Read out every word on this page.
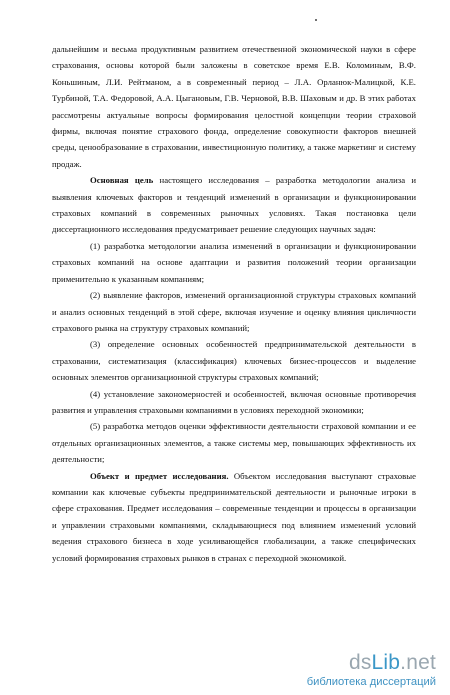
дальнейшим и весьма продуктивным развитием отечественной экономической науки в сфере страхования, основы которой были заложены в советское время Е.В. Коломиным, В.Ф. Коньшиным, Л.И. Рейтманом, а в современный период – Л.А. Орланюк-Малицкой, К.Е. Турбиной, Т.А. Федоровой, А.А. Цыгановым, Г.В. Черновой, В.В. Шаховым и др. В этих работах рассмотрены актуальные вопросы формирования целостной концепции теории страховой фирмы, включая понятие страхового фонда, определение совокупности факторов внешней среды, ценообразование в страховании, инвестиционную политику, а также маркетинг и систему продаж.

Основная цель настоящего исследования – разработка методологии анализа и выявления ключевых факторов и тенденций изменений в организации и функционировании страховых компаний в современных рыночных условиях. Такая постановка цели диссертационного исследования предусматривает решение следующих научных задач:

(1) разработка методологии анализа изменений в организации и функционировании страховых компаний на основе адаптации и развития положений теории организации применительно к указанным компаниям;

(2) выявление факторов, изменений организационной структуры страховых компаний и анализ основных тенденций в этой сфере, включая изучение и оценку влияния цикличности страхового рынка на структуру страховых компаний;

(3) определение основных особенностей предпринимательской деятельности в страховании, систематизация (классификация) ключевых бизнес-процессов и выделение основных элементов организационной структуры страховых компаний;

(4) установление закономерностей и особенностей, включая основные противоречия развития и управления страховыми компаниями в условиях переходной экономики;

(5) разработка методов оценки эффективности деятельности страховой компании и ее отдельных организационных элементов, а также системы мер, повышающих эффективность их деятельности;

Объект и предмет исследования. Объектом исследования выступают страховые компании как ключевые субъекты предпринимательской деятельности и рыночные игроки в сфере страхования. Предмет исследования – современные тенденции и процессы в организации и управлении страховыми компаниями, складывающиеся под влиянием изменений условий ведения страхового бизнеса в ходе усиливающейся глобализации, а также специфических условий формирования страховых рынков в странах с переходной экономикой.

dsLib.net
библиотека диссертаций
